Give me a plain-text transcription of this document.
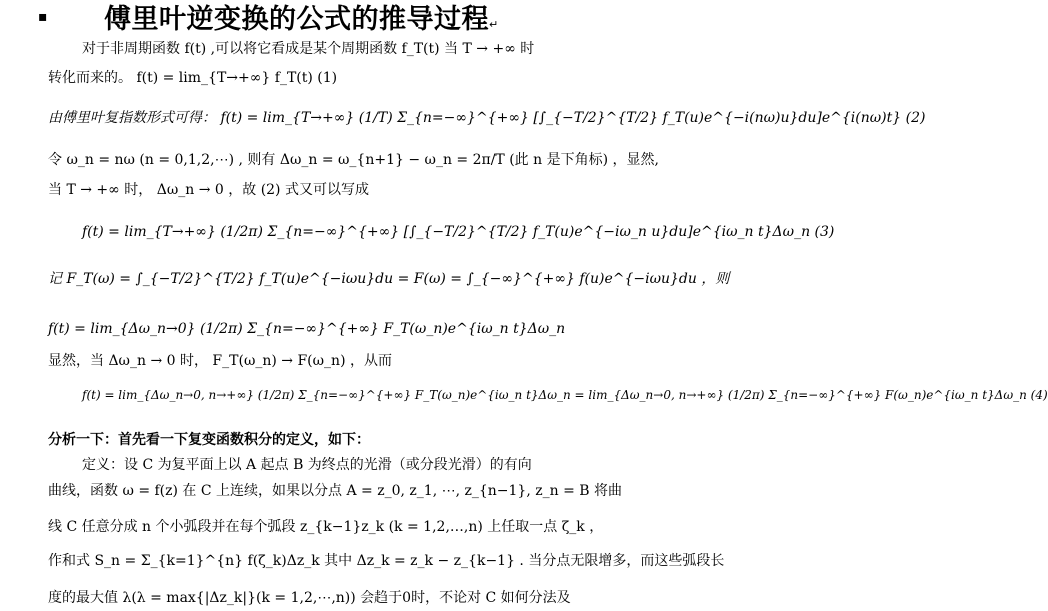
▪ 傅里叶逆变换的公式的推导过程↵
对于非周期函数 f(t) ,可以将它看成是某个周期函数 f_T(t) 当 T → +∞ 时
转化而来的。 f(t) = lim_{T→+∞} f_T(t) (1)
由傅里叶复指数形式可得： f(t) = lim_{T→+∞} (1/T) Σ_{n=−∞}^{+∞} [∫_{−T/2}^{T/2} f_T(u)e^{−i(nω)u}du]e^{i(nω)t} (2)
令 ω_n = nω (n = 0,1,2,⋯) , 则有 Δω_n = ω_{n+1} − ω_n = 2π/T (此 n 是下角标) ，显然,
当 T → +∞ 时， Δω_n → 0 ，故 (2) 式又可以写成
f(t) = lim_{T→+∞} (1/2π) Σ_{n=−∞}^{+∞} [∫_{−T/2}^{T/2} f_T(u)e^{−iω_n u}du]e^{iω_n t}Δω_n (3)
记 F_T(ω) = ∫_{−T/2}^{T/2} f_T(u)e^{−iωu}du = F(ω) = ∫_{−∞}^{+∞} f(u)e^{−iωu}du ，则
f(t) = lim_{Δω_n→0} (1/2π) Σ_{n=−∞}^{+∞} F_T(ω_n)e^{iω_n t}Δω_n
显然，当 Δω_n → 0 时， F_T(ω_n) → F(ω_n) ，从而
f(t) = lim_{Δω_n→0, n→+∞} (1/2π) Σ_{n=−∞}^{+∞} F_T(ω_n)e^{iω_n t}Δω_n = lim_{Δω_n→0, n→+∞} (1/2π) Σ_{n=−∞}^{+∞} F(ω_n)e^{iω_n t}Δω_n (4)
分析一下：首先看一下复变函数积分的定义，如下：
定义：设 C 为复平面上以 A 起点 B 为终点的光滑（或分段光滑）的有向
曲线，函数 ω = f(z) 在 C 上连续，如果以分点 A = z_0, z_1, ⋯, z_{n−1}, z_n = B 将曲
线 C 任意分成 n 个小弧段并在每个弧段 z_{k−1}z_k (k = 1,2,…,n) 上任取一点 ζ_k ，
作和式 S_n = Σ_{k=1}^{n} f(ζ_k)Δz_k 其中 Δz_k = z_k − z_{k−1} . 当分点无限增多，而这些弧段长
度的最大值 λ(λ = max{|Δz_k|}(k = 1,2,⋯,n)) 会趋于0时，不论对 C 如何分法及
